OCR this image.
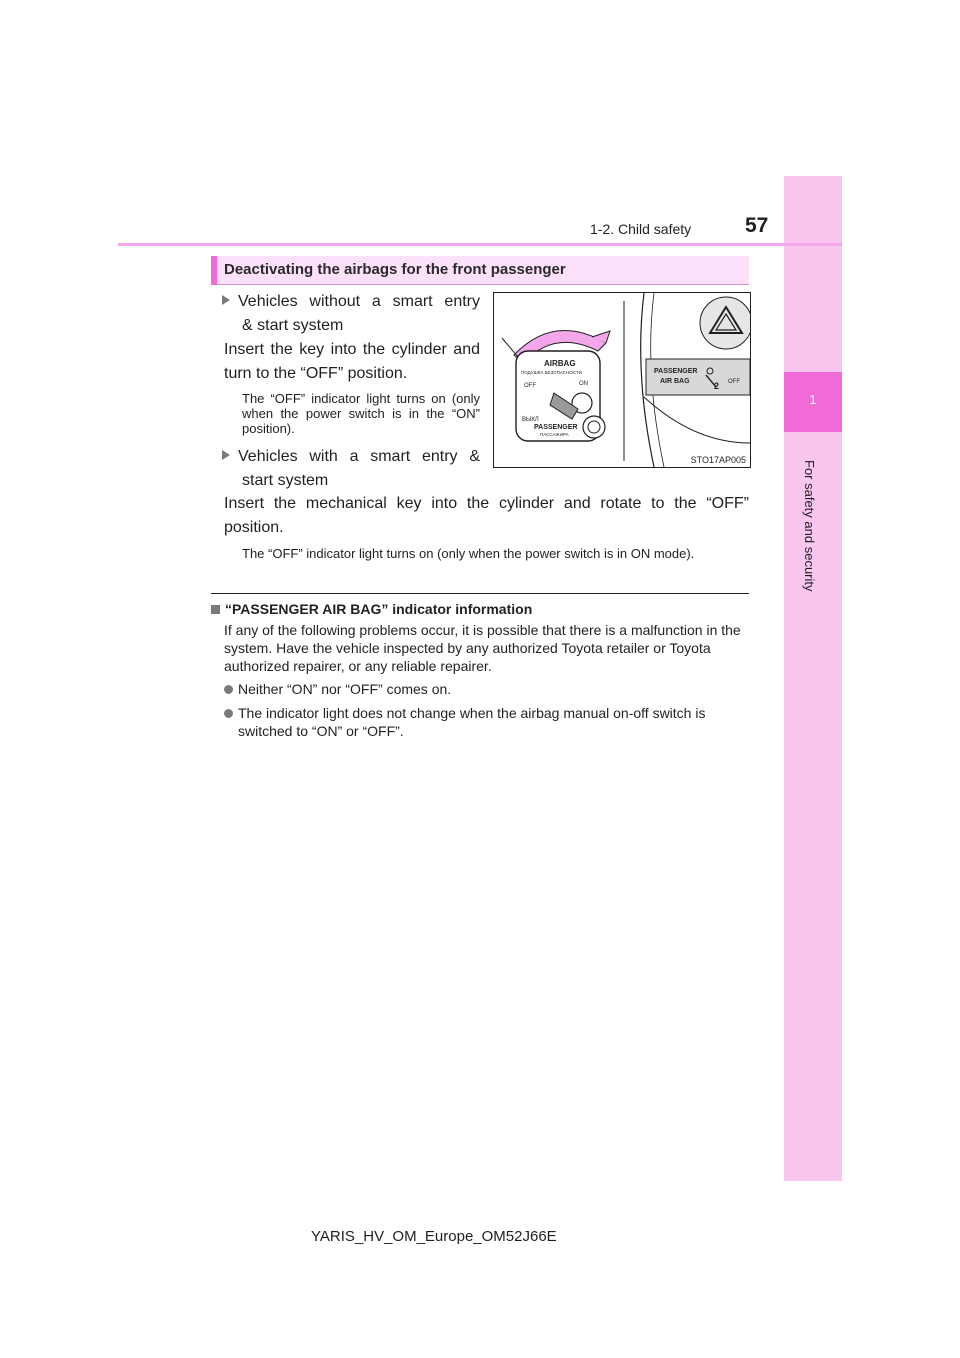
1
For safety and security
1-2. Child safety	57
Deactivating the airbags for the front passenger
Vehicles without a smart entry
& start system
Insert the key into the cylinder and turn to the “OFF” position.
The “OFF” indicator light turns on (only when the power switch is in the “ON” position).
Vehicles with a smart entry &
start system
Insert the mechanical key into the cylinder and rotate to the “OFF” position.
The “OFF” indicator light turns on (only when the power switch is in ON mode).
AIRBAG
ПОДУШКА БЕЗОПАСНОСТИ
OFF	ON
ВЫКЛ
PASSENGER
ПАССАЖИРА
PASSENGER
AIR BAG	2 OFF
STO17AP005
“PASSENGER AIR BAG” indicator information
If any of the following problems occur, it is possible that there is a malfunction in the system. Have the vehicle inspected by any authorized Toyota retailer or Toyota authorized repairer, or any reliable repairer.
Neither “ON” nor “OFF” comes on.
The indicator light does not change when the airbag manual on-off switch is switched to “ON” or “OFF”.
YARIS_HV_OM_Europe_OM52J66E
